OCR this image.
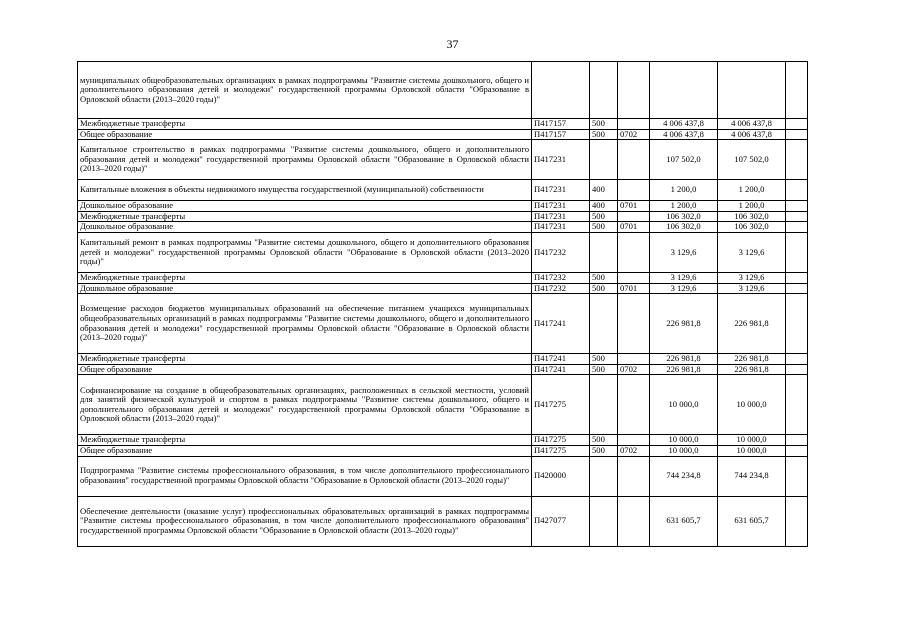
37
муниципальных общеобразовательных организациях в рамках подпрограммы "Развитие системы дошкольного, общего и дополнительного образования детей и молодежи" государственной программы Орловской области "Образование в Орловской области (2013–2020 годы)"						
Межбюджетные трансферты	П417157	500		4 006 437,8	4 006 437,8	
Общее образование	П417157	500	0702	4 006 437,8	4 006 437,8	
Капитальное строительство в рамках подпрограммы "Развитие системы дошкольного, общего и дополнительного образования детей и молодежи" государственной программы Орловской области "Образование в Орловской области (2013–2020 годы)"	П417231			107 502,0	107 502,0	
Капитальные вложения в объекты недвижимого имущества государственной (муниципальной) собственности	П417231	400		1 200,0	1 200,0	
Дошкольное образование	П417231	400	0701	1 200,0	1 200,0	
Межбюджетные трансферты	П417231	500		106 302,0	106 302,0	
Дошкольное образование	П417231	500	0701	106 302,0	106 302,0	
Капитальный ремонт в рамках подпрограммы "Развитие системы дошкольного, общего и дополнительного образования детей и молодежи" государственной программы Орловской области "Образование в Орловской области (2013–2020 годы)"	П417232			3 129,6	3 129,6	
Межбюджетные трансферты	П417232	500		3 129,6	3 129,6	
Дошкольное образование	П417232	500	0701	3 129,6	3 129,6	
Возмещение расходов бюджетов муниципальных образований на обеспечение питанием учащихся муниципальных общеобразовательных организаций в рамках подпрограммы "Развитие системы дошкольного, общего и дополнительного образования детей и молодежи" государственной программы Орловской области "Образование в Орловской области (2013–2020 годы)"	П417241			226 981,8	226 981,8	
Межбюджетные трансферты	П417241	500		226 981,8	226 981,8	
Общее образование	П417241	500	0702	226 981,8	226 981,8	
Софинансирование на создание в общеобразовательных организациях, расположенных в сельской местности, условий для занятий физической культурой и спортом в рамках подпрограммы "Развитие системы дошкольного, общего и дополнительного образования детей и молодежи" государственной программы Орловской области "Образование в Орловской области (2013–2020 годы)"	П417275			10 000,0	10 000,0	
Межбюджетные трансферты	П417275	500		10 000,0	10 000,0	
Общее образование	П417275	500	0702	10 000,0	10 000,0	
Подпрограмма "Развитие системы профессионального образования, в том числе дополнительного профессионального образования" государственной программы Орловской области "Образование в Орловской области (2013–2020 годы)"	П420000			744 234,8	744 234,8	
Обеспечение деятельности (оказание услуг) профессиональных образовательных организаций в рамках подпрограммы "Развитие системы профессионального образования, в том числе дополнительного профессионального образования" государственной программы Орловской области "Образование в Орловской области (2013–2020 годы)"	П427077			631 605,7	631 605,7	
